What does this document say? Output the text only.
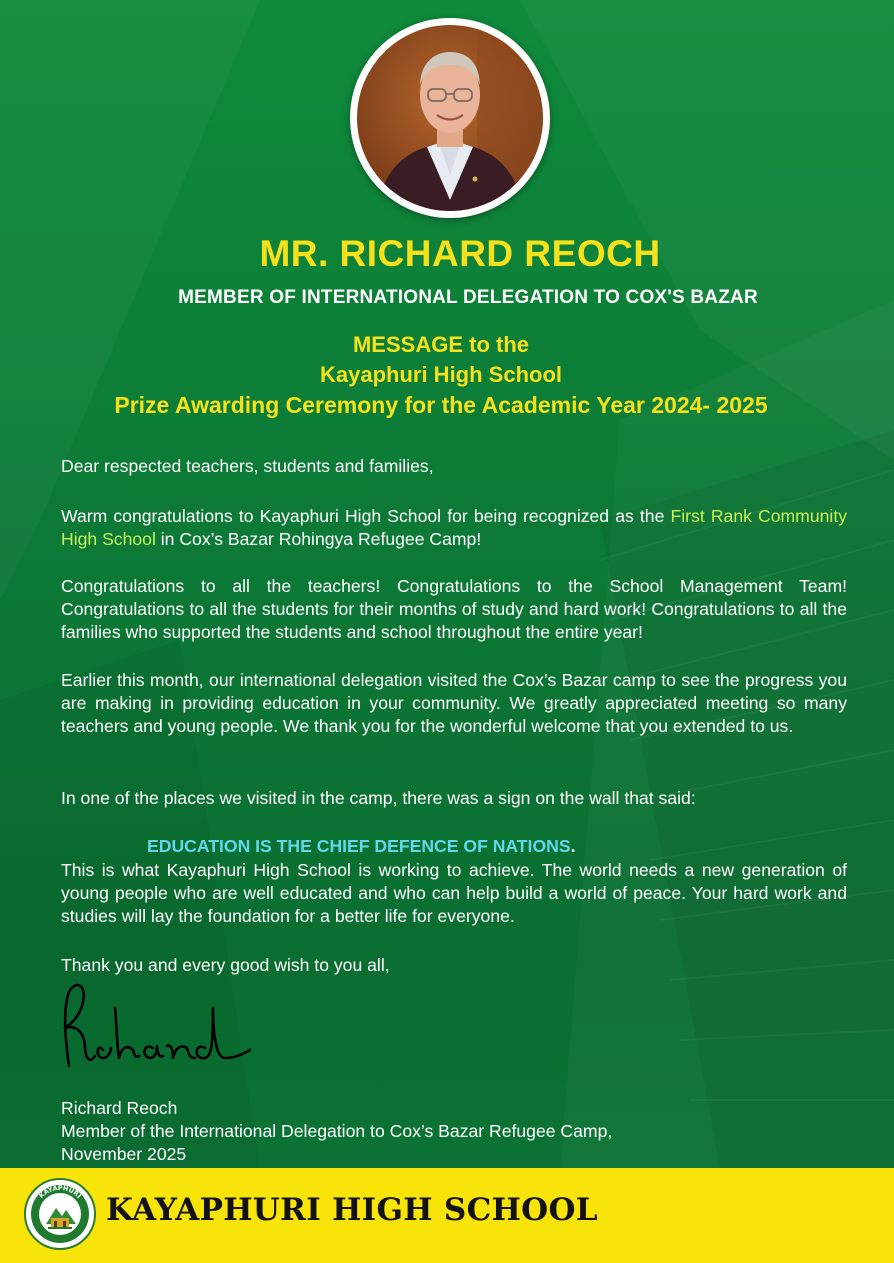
MR. RICHARD REOCH
MEMBER OF INTERNATIONAL DELEGATION TO COX'S BAZAR
MESSAGE to the
Kayaphuri High School
Prize Awarding Ceremony for the Academic Year 2024- 2025

Dear respected teachers, students and families,

Warm congratulations to Kayaphuri High School for being recognized as the First Rank Community High School in Cox’s Bazar Rohingya Refugee Camp!

Congratulations to all the teachers! Congratulations to the School Management Team! Congratulations to all the students for their months of study and hard work! Congratulations to all the families who supported the students and school throughout the entire year!

Earlier this month, our international delegation visited the Cox’s Bazar camp to see the progress you are making in providing education in your community. We greatly appreciated meeting so many teachers and young people. We thank you for the wonderful welcome that you extended to us.

In one of the places we visited in the camp, there was a sign on the wall that said:

EDUCATION IS THE CHIEF DEFENCE OF NATIONS.

This is what Kayaphuri High School is working to achieve. The world needs a new generation of young people who are well educated and who can help build a world of peace. Your hard work and studies will lay the foundation for a better life for everyone.

Thank you and every good wish to you all,

Richard Reoch

Member of the International Delegation to Cox’s Bazar Refugee Camp,

November 2025

KAYAPHURI KAYAPHURI HIGH SCHOOL
